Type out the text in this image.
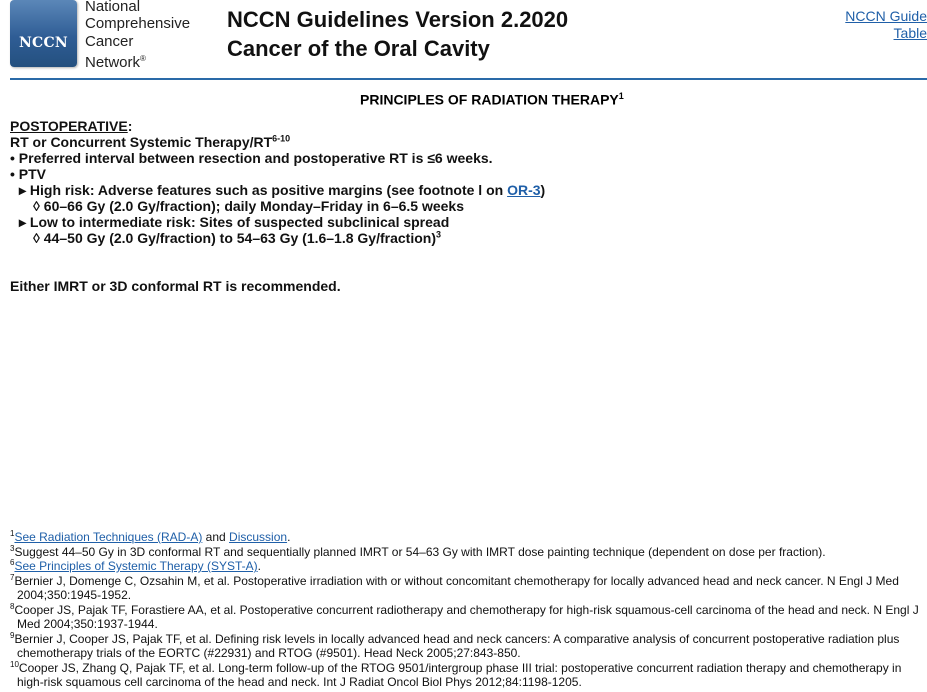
NCCN
National
Comprehensive
Cancer
Network®
NCCN Guidelines Version 2.2020
Cancer of the Oral Cavity
NCCN Guide
Table
PRINCIPLES OF RADIATION THERAPY$^1$
POSTOPERATIVE:
RT or Concurrent Systemic Therapy/RT$^{6-10}$
• Preferred interval between resection and postoperative RT is ≤6 weeks.
• PTV
▸ High risk: Adverse features such as positive margins (see footnote l on OR-3)
◊ 60–66 Gy (2.0 Gy/fraction); daily Monday–Friday in 6–6.5 weeks
▸ Low to intermediate risk: Sites of suspected subclinical spread
◊ 44–50 Gy (2.0 Gy/fraction) to 54–63 Gy (1.6–1.8 Gy/fraction)$^3$
Either IMRT or 3D conformal RT is recommended.
$^1$See Radiation Techniques (RAD-A) and Discussion.
$^3$Suggest 44–50 Gy in 3D conformal RT and sequentially planned IMRT or 54–63 Gy with IMRT dose painting technique (dependent on dose per fraction).
$^6$See Principles of Systemic Therapy (SYST-A).
$^7$Bernier J, Domenge C, Ozsahin M, et al. Postoperative irradiation with or without concomitant chemotherapy for locally advanced head and neck cancer. N Engl J Med 2004;350:1945-1952.
$^8$Cooper JS, Pajak TF, Forastiere AA, et al. Postoperative concurrent radiotherapy and chemotherapy for high-risk squamous-cell carcinoma of the head and neck. N Engl J Med 2004;350:1937-1944.
$^9$Bernier J, Cooper JS, Pajak TF, et al. Defining risk levels in locally advanced head and neck cancers: A comparative analysis of concurrent postoperative radiation plus chemotherapy trials of the EORTC (#22931) and RTOG (#9501). Head Neck 2005;27:843-850.
$^{10}$Cooper JS, Zhang Q, Pajak TF, et al. Long-term follow-up of the RTOG 9501/intergroup phase III trial: postoperative concurrent radiation therapy and chemotherapy in high-risk squamous cell carcinoma of the head and neck. Int J Radiat Oncol Biol Phys 2012;84:1198-1205.
